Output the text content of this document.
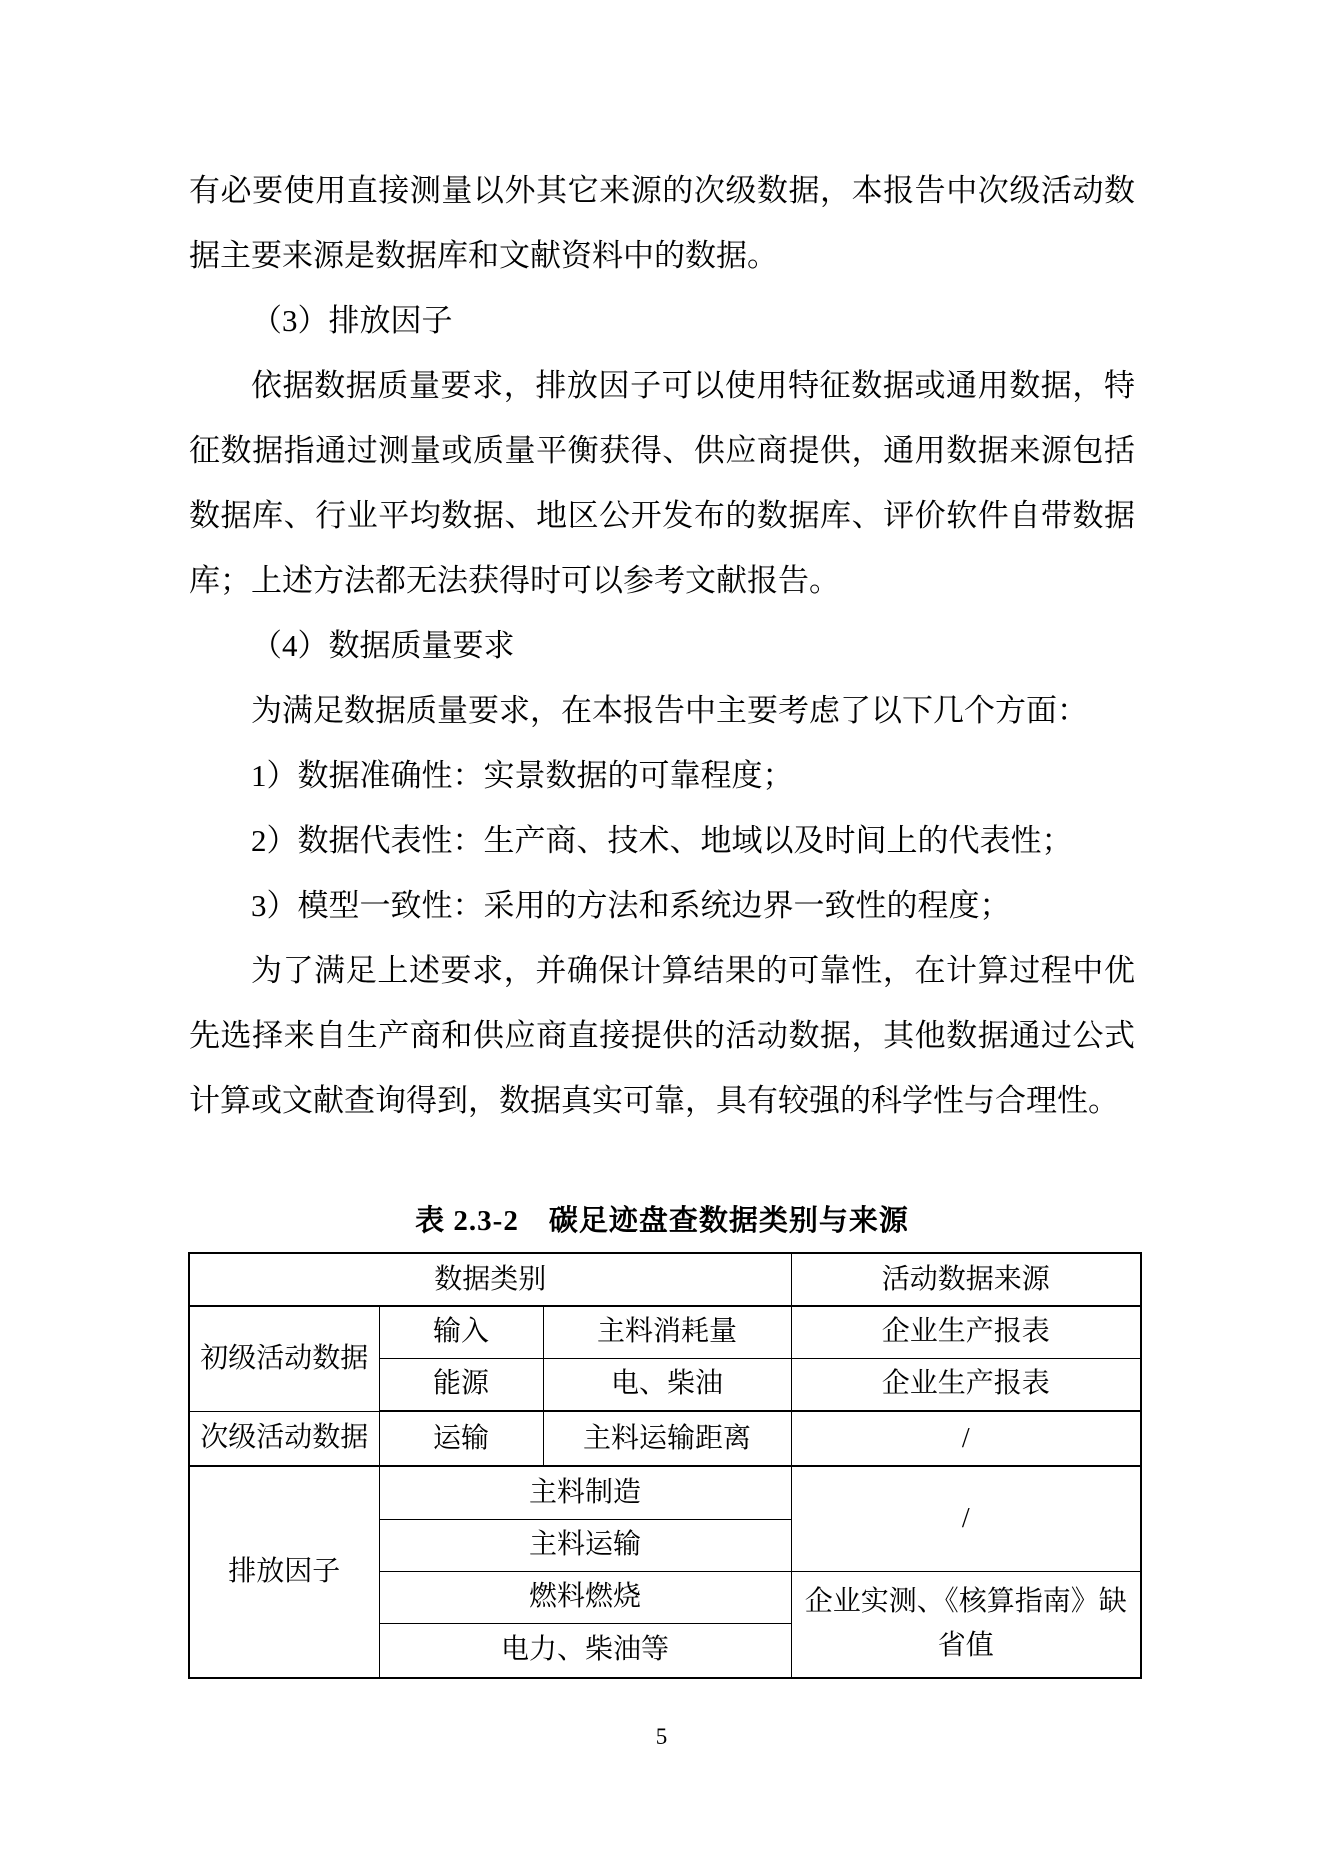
有必要使用直接测量以外其它来源的次级数据，本报告中次级活动数
据主要来源是数据库和文献资料中的数据。
（3）排放因子
依据数据质量要求，排放因子可以使用特征数据或通用数据，特
征数据指通过测量或质量平衡获得、供应商提供，通用数据来源包括
数据库、行业平均数据、地区公开发布的数据库、评价软件自带数据
库；上述方法都无法获得时可以参考文献报告。
（4）数据质量要求
为满足数据质量要求，在本报告中主要考虑了以下几个方面：
1）数据准确性：实景数据的可靠程度；
2）数据代表性：生产商、技术、地域以及时间上的代表性；
3）模型一致性：采用的方法和系统边界一致性的程度；
为了满足上述要求，并确保计算结果的可靠性，在计算过程中优
先选择来自生产商和供应商直接提供的活动数据，其他数据通过公式
计算或文献查询得到，数据真实可靠，具有较强的科学性与合理性。
表 2.3-2　碳足迹盘查数据类别与来源
数据类别			活动数据来源
初级活动数据	输入	主料消耗量	企业生产报表
	能源	电、柴油	企业生产报表
次级活动数据	运输	主料运输距离	/
排放因子	主料制造		/
	主料运输		
	燃料燃烧		企业实测、《核算指南》缺省值
	电力、柴油等		
5
